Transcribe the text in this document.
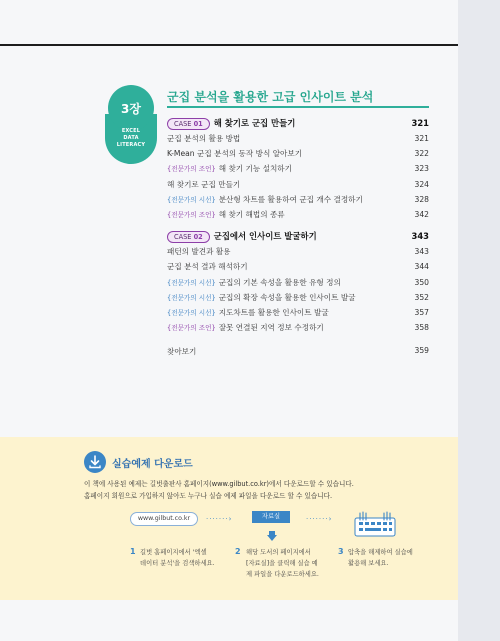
3장
EXCEL
DATA
LITERACY
군집 분석을 활용한 고급 인사이트 분석
CASE 01 해 찾기로 군집 만들기	321
군집 분석의 활용 방법	321
K-Mean 군집 분석의 동작 방식 알아보기	322
{전문가의 조언} 해 찾기 기능 설치하기	323
해 찾기로 군집 만들기	324
{전문가의 시선} 분산형 차트를 활용하여 군집 개수 결정하기	328
{전문가의 조언} 해 찾기 해법의 종류	342
CASE 02 군집에서 인사이트 발굴하기	343
패턴의 발견과 활용	343
군집 분석 결과 해석하기	344
{전문가의 시선} 군집의 기본 속성을 활용한 유형 정의	350
{전문가의 시선} 군집의 확장 속성을 활용한 인사이트 발굴	352
{전문가의 시선} 지도차트를 활용한 인사이트 발굴	357
{전문가의 조언} 잘못 연결된 지역 정보 수정하기	358
찾아보기	359
실습예제 다운로드
이 책에 사용된 예제는 길벗출판사 홈페이지(www.gilbut.co.kr)에서 다운로드할 수 있습니다.
홈페이지 회원으로 가입하지 않아도 누구나 실습 예제 파일을 다운로드 할 수 있습니다.
www.gilbut.co.kr	·······›	자료실	·······›
1 길벗 홈페이지에서 '엑셀
데이터 분석'을 검색하세요.
2 해당 도서의 페이지에서
[자료실]을 클릭해 실습 예
제 파일을 다운로드하세요.
3 압축을 해제하여 실습에
활용해 보세요.
